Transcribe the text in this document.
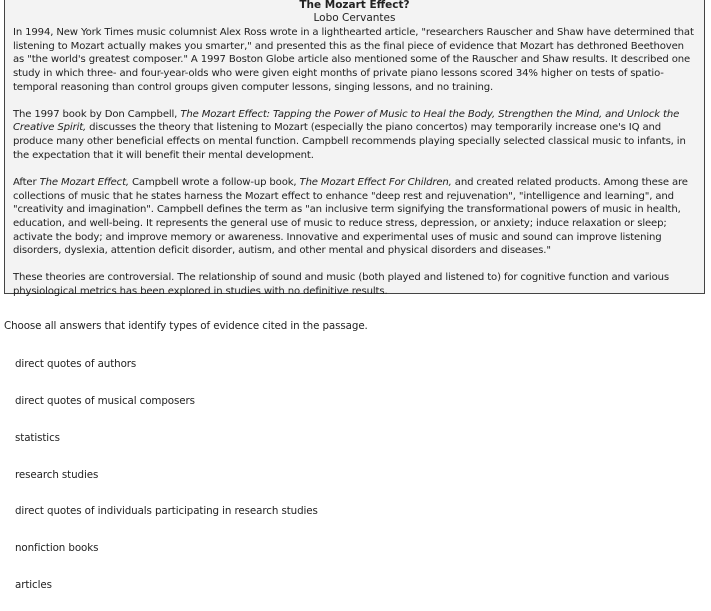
The Mozart Effect?
Lobo Cervantes

In 1994, New York Times music columnist Alex Ross wrote in a lighthearted article, "researchers Rauscher and Shaw have determined that listening to Mozart actually makes you smarter," and presented this as the final piece of evidence that Mozart has dethroned Beethoven as "the world's greatest composer." A 1997 Boston Globe article also mentioned some of the Rauscher and Shaw results. It described one study in which three- and four-year-olds who were given eight months of private piano lessons scored 34% higher on tests of spatio-temporal reasoning than control groups given computer lessons, singing lessons, and no training.

The 1997 book by Don Campbell, The Mozart Effect: Tapping the Power of Music to Heal the Body, Strengthen the Mind, and Unlock the Creative Spirit, discusses the theory that listening to Mozart (especially the piano concertos) may temporarily increase one's IQ and produce many other beneficial effects on mental function. Campbell recommends playing specially selected classical music to infants, in the expectation that it will benefit their mental development.

After The Mozart Effect, Campbell wrote a follow-up book, The Mozart Effect For Children, and created related products. Among these are collections of music that he states harness the Mozart effect to enhance "deep rest and rejuvenation", "intelligence and learning", and "creativity and imagination". Campbell defines the term as "an inclusive term signifying the transformational powers of music in health, education, and well-being. It represents the general use of music to reduce stress, depression, or anxiety; induce relaxation or sleep; activate the body; and improve memory or awareness. Innovative and experimental uses of music and sound can improve listening disorders, dyslexia, attention deficit disorder, autism, and other mental and physical disorders and diseases."

These theories are controversial. The relationship of sound and music (both played and listened to) for cognitive function and various physiological metrics has been explored in studies with no definitive results.

Choose all answers that identify types of evidence cited in the passage.
direct quotes of authors
direct quotes of musical composers
statistics
research studies
direct quotes of individuals participating in research studies
nonfiction books
articles
